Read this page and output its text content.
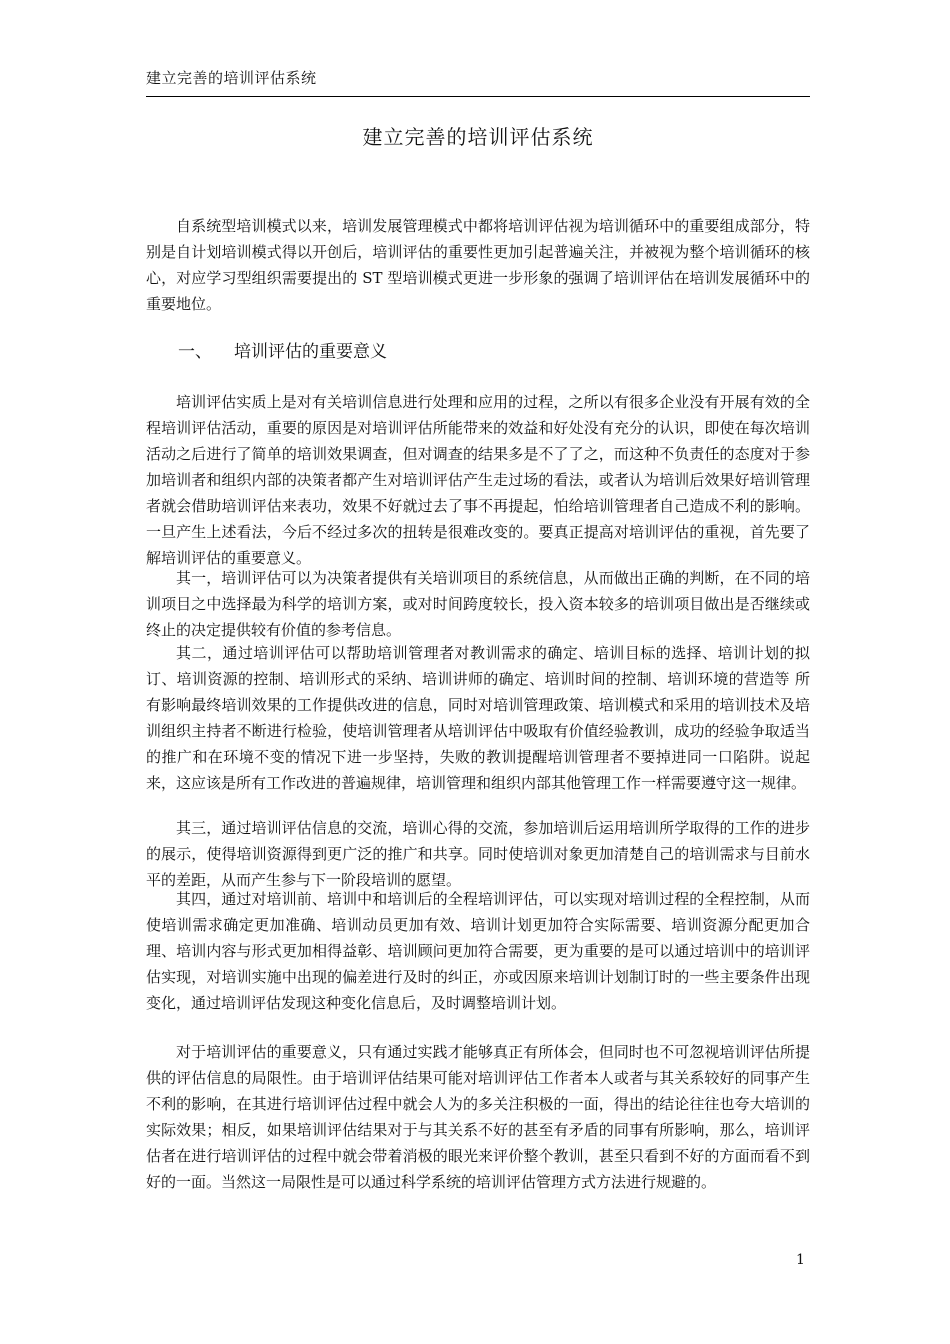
建立完善的培训评估系统
建立完善的培训评估系统

自系统型培训模式以来，培训发展管理模式中都将培训评估视为培训循环中的重要组成部分，特别是自计划培训模式得以开创后，培训评估的重要性更加引起普遍关注，并被视为整个培训循环的核心，对应学习型组织需要提出的 ST 型培训模式更进一步形象的强调了培训评估在培训发展循环中的重要地位。

一、 培训评估的重要意义

培训评估实质上是对有关培训信息进行处理和应用的过程，之所以有很多企业没有开展有效的全程培训评估活动，重要的原因是对培训评估所能带来的效益和好处没有充分的认识，即使在每次培训活动之后进行了简单的培训效果调查，但对调查的结果多是不了了之，而这种不负责任的态度对于参加培训者和组织内部的决策者都产生对培训评估产生走过场的看法，或者认为培训后效果好培训管理者就会借助培训评估来表功，效果不好就过去了事不再提起，怕给培训管理者自己造成不利的影响。一旦产生上述看法，今后不经过多次的扭转是很难改变的。要真正提高对培训评估的重视，首先要了解培训评估的重要意义。

其一，培训评估可以为决策者提供有关培训项目的系统信息，从而做出正确的判断，在不同的培训项目之中选择最为科学的培训方案，或对时间跨度较长，投入资本较多的培训项目做出是否继续或终止的决定提供较有价值的参考信息。

其二，通过培训评估可以帮助培训管理者对教训需求的确定、培训目标的选择、培训计划的拟订、培训资源的控制、培训形式的采纳、培训讲师的确定、培训时间的控制、培训环境的营造等 所有影响最终培训效果的工作提供改进的信息，同时对培训管理政策、培训模式和采用的培训技术及培训组织主持者不断进行检验，使培训管理者从培训评估中吸取有价值经验教训，成功的经验争取适当的推广和在环境不变的情况下进一步坚持，失败的教训提醒培训管理者不要掉进同一口陷阱。说起来，这应该是所有工作改进的普遍规律，培训管理和组织内部其他管理工作一样需要遵守这一规律。

其三，通过培训评估信息的交流，培训心得的交流，参加培训后运用培训所学取得的工作的进步的展示，使得培训资源得到更广泛的推广和共享。同时使培训对象更加清楚自己的培训需求与目前水平的差距，从而产生参与下一阶段培训的愿望。

其四，通过对培训前、培训中和培训后的全程培训评估，可以实现对培训过程的全程控制，从而使培训需求确定更加准确、培训动员更加有效、培训计划更加符合实际需要、培训资源分配更加合理、培训内容与形式更加相得益彰、培训顾问更加符合需要，更为重要的是可以通过培训中的培训评估实现，对培训实施中出现的偏差进行及时的纠正，亦或因原来培训计划制订时的一些主要条件出现变化，通过培训评估发现这种变化信息后，及时调整培训计划。

对于培训评估的重要意义，只有通过实践才能够真正有所体会，但同时也不可忽视培训评估所提供的评估信息的局限性。由于培训评估结果可能对培训评估工作者本人或者与其关系较好的同事产生不利的影响，在其进行培训评估过程中就会人为的多关注积极的一面，得出的结论往往也夸大培训的实际效果；相反，如果培训评估结果对于与其关系不好的甚至有矛盾的同事有所影响，那么，培训评估者在进行培训评估的过程中就会带着消极的眼光来评价整个教训，甚至只看到不好的方面而看不到好的一面。当然这一局限性是可以通过科学系统的培训评估管理方式方法进行规避的。

1
